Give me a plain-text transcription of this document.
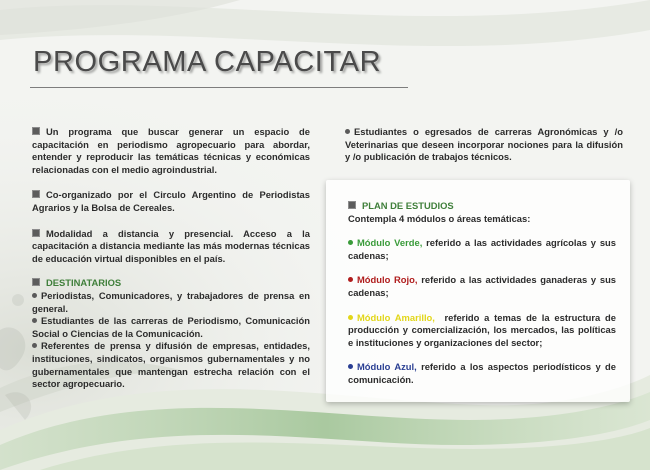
PROGRAMA CAPACITAR

Un programa que buscar generar un espacio de capacitación en periodismo agropecuario para abordar, entender y reproducir las temáticas técnicas y económicas relacionadas con el medio agroindustrial.

Co-organizado por el Circulo Argentino de Periodistas Agrarios y la Bolsa de Cereales.

Modalidad a distancia y presencial. Acceso a la capacitación a distancia mediante las más modernas técnicas de educación virtual disponibles en el país.

DESTINATARIOS

Periodistas, Comunicadores, y trabajadores de prensa en general.

Estudiantes de las carreras de Periodismo, Comunicación Social o Ciencias de la Comunicación.

Referentes de prensa y difusión de empresas, entidades, instituciones, sindicatos, organismos gubernamentales y no gubernamentales que mantengan estrecha relación con el sector agropecuario.

Estudiantes o egresados de carreras Agronómicas y /o Veterinarias que deseen incorporar nociones para la difusión y /o publicación de trabajos técnicos.

PLAN DE ESTUDIOS
Contempla 4 módulos o áreas temáticas:

Módulo Verde, referido a las actividades agrícolas y sus cadenas;

Módulo Rojo, referido a las actividades ganaderas y sus cadenas;

Módulo Amarillo,  referido a temas de la estructura de producción y comercialización, los mercados, las políticas e instituciones y organizaciones del sector;

Módulo Azul, referido a los aspectos periodísticos y de comunicación.
